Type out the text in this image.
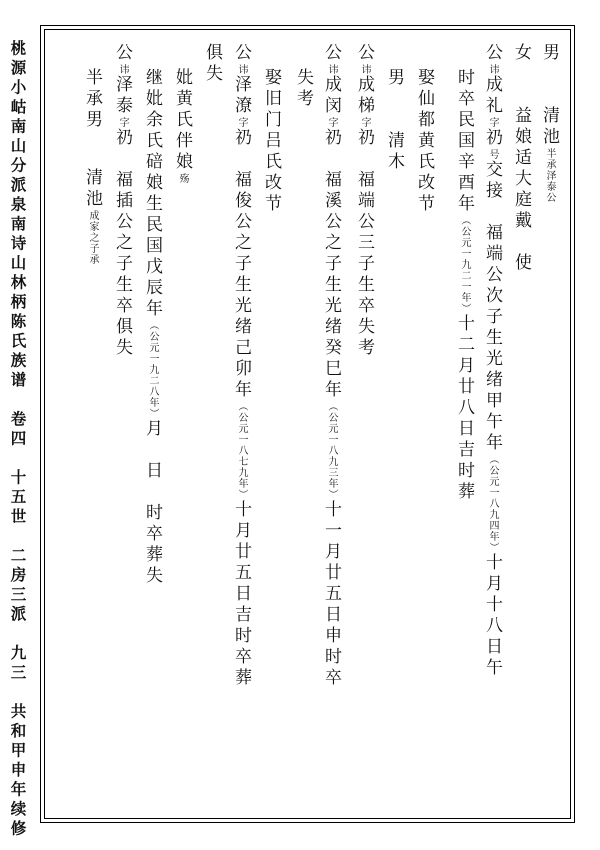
桃源小岵南山分派泉南诗山林柄陈氏族谱　卷四　十五世　二房三派　九三　共和甲申年续修
男　　清池半承泽泰公
女　　益娘适大庭戴　使
公讳成礼字礽号交接　福端公次子生光绪甲午年（公元一八九四年）十月十八日午
时卒民国辛酉年（公元一九二一年）十二月廿八日吉时葬
娶仙都黄氏改节
男　　清木
公讳成梯字礽　福端公三子生卒失考
公讳成闵字礽　福溪公之子生光绪癸巳年（公元一八九三年）十一月廿五日申时卒
失考
公讳泽潦字礽　福俊公之子生光绪己卯年（公元一八七九年）十月廿五日吉时卒葬
娶旧门吕氏改节
俱失
妣黄氏伴娘殇
继妣余氏碚娘生民国戊辰年（公元一九二八年）月　日　时卒葬失
公讳泽泰字礽　福插公之子生卒俱失
半承男
清池成家之子承
